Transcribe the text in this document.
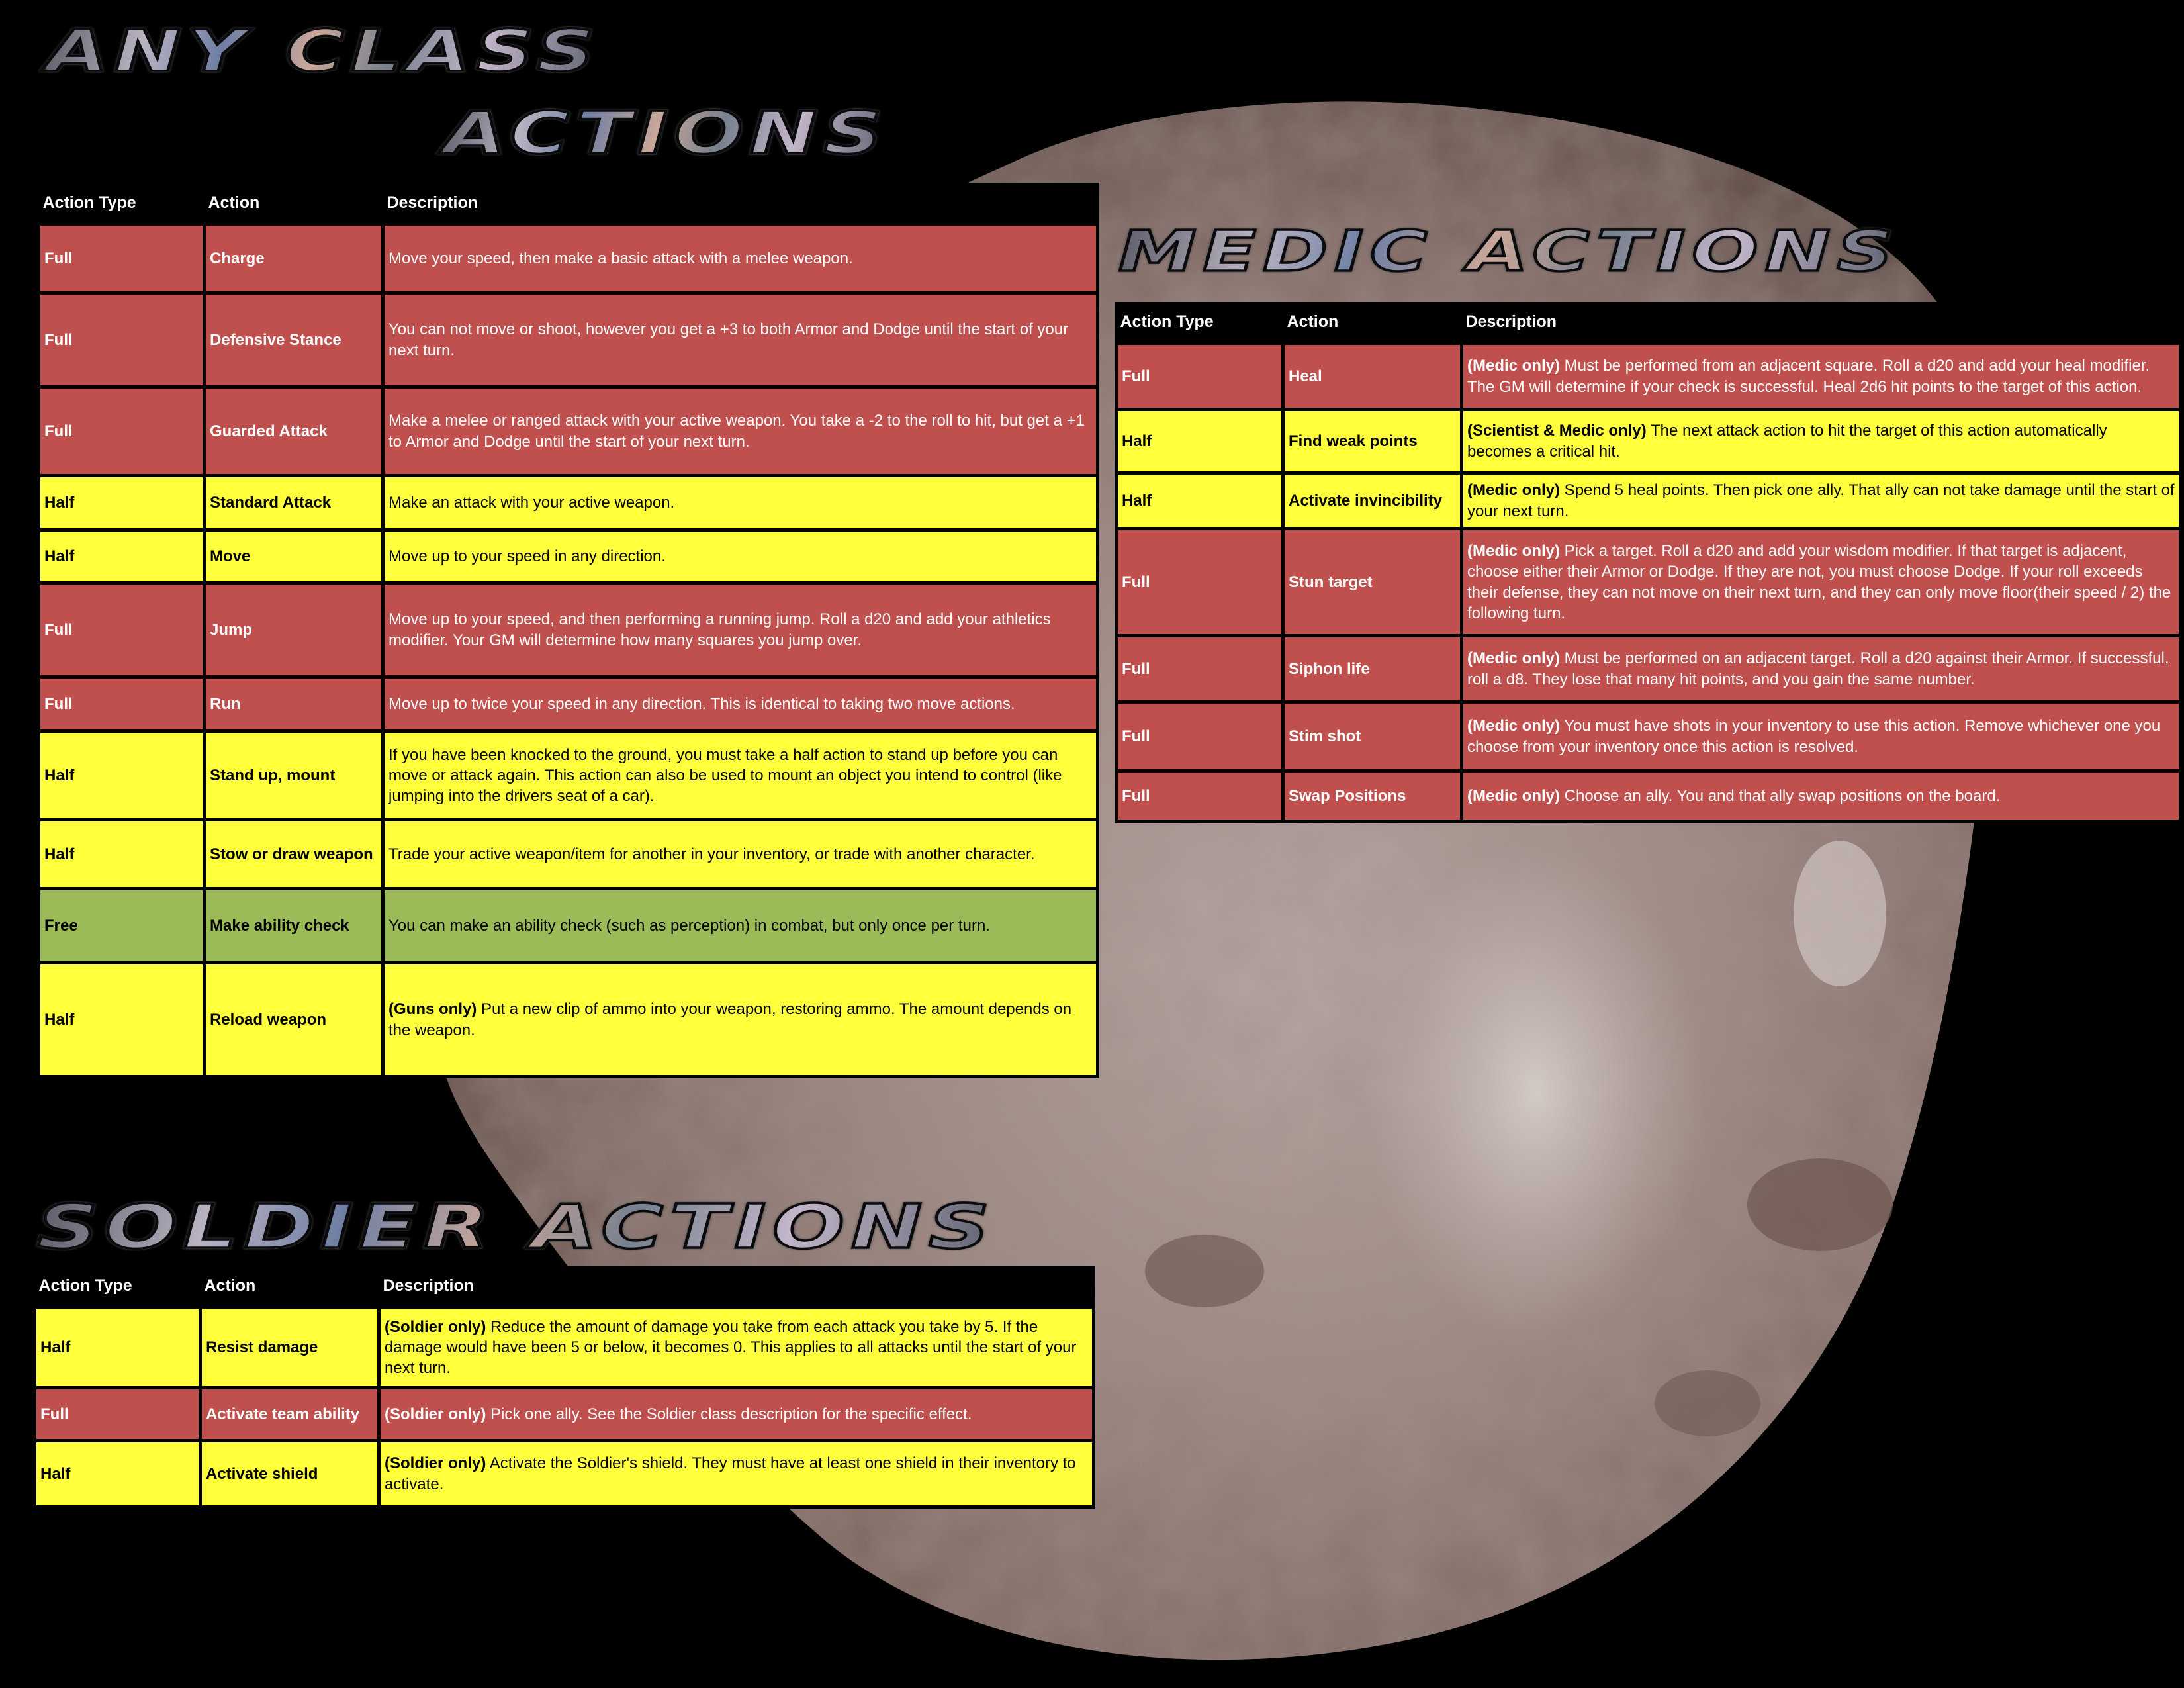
ANY CLASS
ACTIONS
MEDIC ACTIONS
SOLDIER ACTIONS
Action Type	Action	Description
Full	Charge	Move your speed, then make a basic attack with a melee weapon.
Full	Defensive Stance	You can not move or shoot, however you get a +3 to both Armor and Dodge until the start of your next turn.
Full	Guarded Attack	Make a melee or ranged attack with your active weapon. You take a -2 to the roll to hit, but get a +1 to Armor and Dodge until the start of your next turn.
Half	Standard Attack	Make an attack with your active weapon.
Half	Move	Move up to your speed in any direction.
Full	Jump	Move up to your speed, and then performing a running jump. Roll a d20 and add your athletics modifier. Your GM will determine how many squares you jump over.
Full	Run	Move up to twice your speed in any direction. This is identical to taking two move actions.
Half	Stand up, mount	If you have been knocked to the ground, you must take a half action to stand up before you can move or attack again. This action can also be used to mount an object you intend to control (like jumping into the drivers seat of a car).
Half	Stow or draw weapon	Trade your active weapon/item for another in your inventory, or trade with another character.
Free	Make ability check	You can make an ability check (such as perception) in combat, but only once per turn.
Half	Reload weapon	(Guns only) Put a new clip of ammo into your weapon, restoring ammo. The amount depends on the weapon.
Action Type	Action	Description
Full	Heal	(Medic only) Must be performed from an adjacent square. Roll a d20 and add your heal modifier. The GM will determine if your check is successful. Heal 2d6 hit points to the target of this action.
Half	Find weak points	(Scientist & Medic only) The next attack action to hit the target of this action automatically becomes a critical hit.
Half	Activate invincibility	(Medic only) Spend 5 heal points. Then pick one ally. That ally can not take damage until the start of your next turn.
Full	Stun target	(Medic only) Pick a target. Roll a d20 and add your wisdom modifier. If that target is adjacent, choose either their Armor or Dodge. If they are not, you must choose Dodge. If your roll exceeds their defense, they can not move on their next turn, and they can only move floor(their speed / 2) the following turn.
Full	Siphon life	(Medic only) Must be performed on an adjacent target. Roll a d20 against their Armor. If successful, roll a d8. They lose that many hit points, and you gain the same number.
Full	Stim shot	(Medic only) You must have shots in your inventory to use this action. Remove whichever one you choose from your inventory once this action is resolved.
Full	Swap Positions	(Medic only) Choose an ally. You and that ally swap positions on the board.
Action Type	Action	Description
Half	Resist damage	(Soldier only) Reduce the amount of damage you take from each attack you take by 5. If the damage would have been 5 or below, it becomes 0. This applies to all attacks until the start of your next turn.
Full	Activate team ability	(Soldier only) Pick one ally. See the Soldier class description for the specific effect.
Half	Activate shield	(Soldier only) Activate the Soldier's shield. They must have at least one shield in their inventory to activate.
